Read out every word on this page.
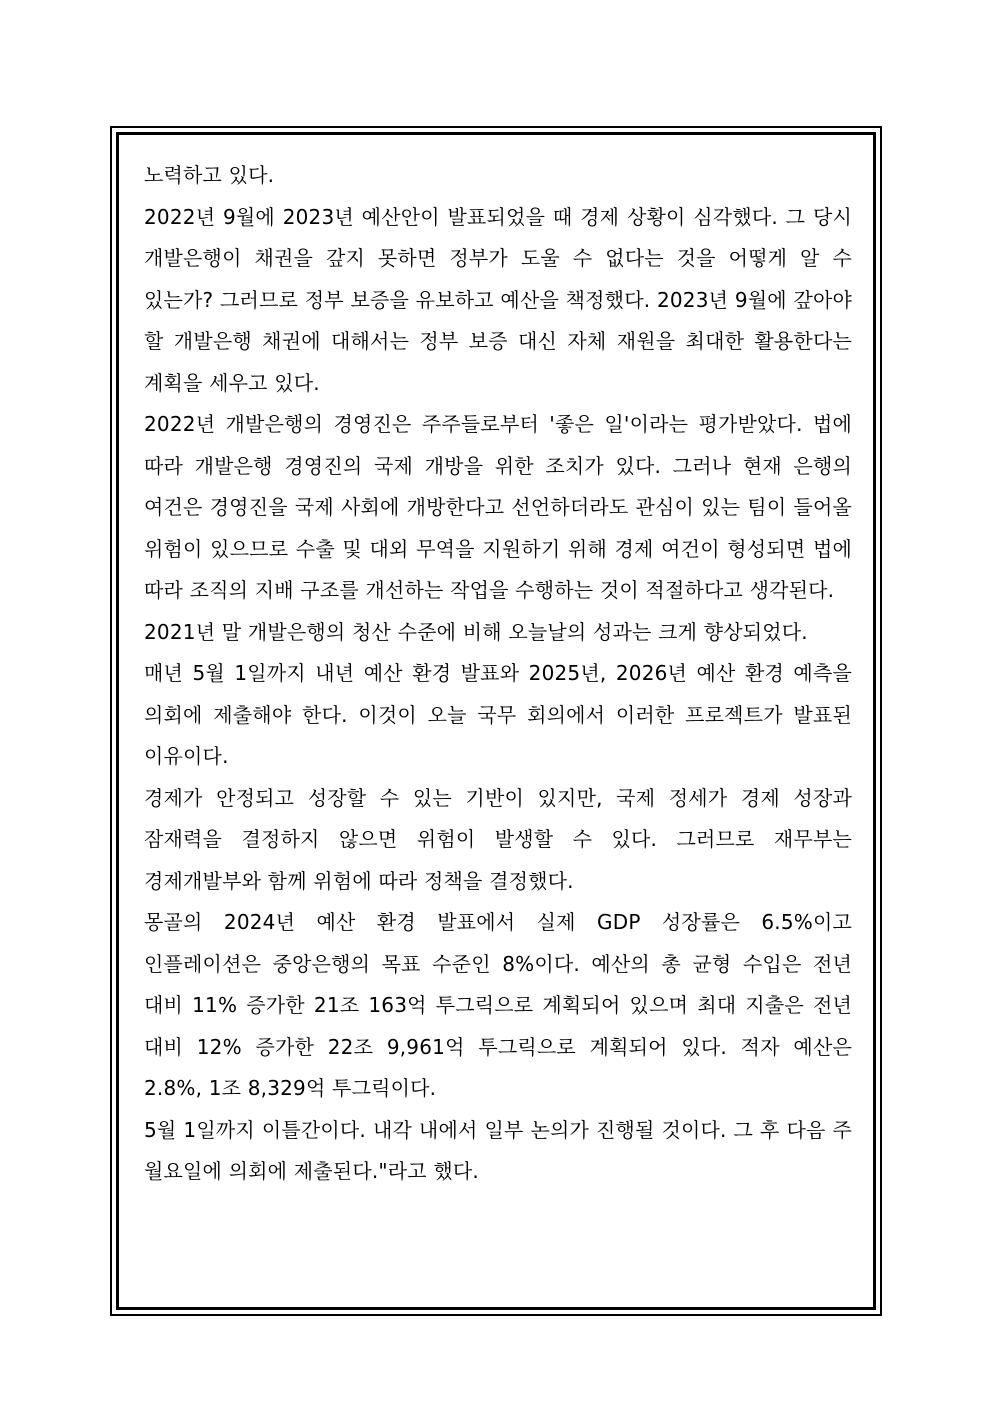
노력하고 있다.

2022년 9월에 2023년 예산안이 발표되었을 때 경제 상황이 심각했다. 그 당시 개발은행이 채권을 갚지 못하면 정부가 도울 수 없다는 것을 어떻게 알 수 있는가? 그러므로 정부 보증을 유보하고 예산을 책정했다. 2023년 9월에 갚아야 할 개발은행 채권에 대해서는 정부 보증 대신 자체 재원을 최대한 활용한다는 계획을 세우고 있다.

2022년 개발은행의 경영진은 주주들로부터 '좋은 일'이라는 평가받았다. 법에 따라 개발은행 경영진의 국제 개방을 위한 조치가 있다. 그러나 현재 은행의 여건은 경영진을 국제 사회에 개방한다고 선언하더라도 관심이 있는 팀이 들어올 위험이 있으므로 수출 및 대외 무역을 지원하기 위해 경제 여건이 형성되면 법에 따라 조직의 지배 구조를 개선하는 작업을 수행하는 것이 적절하다고 생각된다.

2021년 말 개발은행의 청산 수준에 비해 오늘날의 성과는 크게 향상되었다.

매년 5월 1일까지 내년 예산 환경 발표와 2025년, 2026년 예산 환경 예측을 의회에 제출해야 한다. 이것이 오늘 국무 회의에서 이러한 프로젝트가 발표된 이유이다.

경제가 안정되고 성장할 수 있는 기반이 있지만, 국제 정세가 경제 성장과 잠재력을 결정하지 않으면 위험이 발생할 수 있다. 그러므로 재무부는 경제개발부와 함께 위험에 따라 정책을 결정했다.

몽골의 2024년 예산 환경 발표에서 실제 GDP 성장률은 6.5%이고 인플레이션은 중앙은행의 목표 수준인 8%이다. 예산의 총 균형 수입은 전년 대비 11% 증가한 21조 163억 투그릭으로 계획되어 있으며 최대 지출은 전년 대비 12% 증가한 22조 9,961억 투그릭으로 계획되어 있다. 적자 예산은 2.8%, 1조 8,329억 투그릭이다.

5월 1일까지 이틀간이다. 내각 내에서 일부 논의가 진행될 것이다. 그 후 다음 주 월요일에 의회에 제출된다."라고 했다.
